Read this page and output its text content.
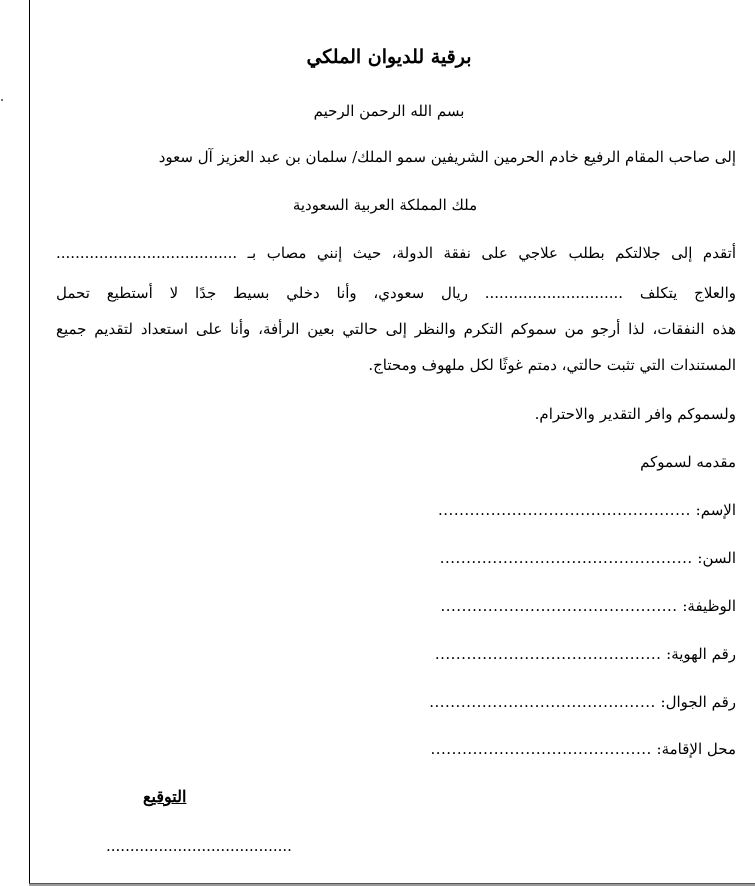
برقية للديوان الملكي
بسم الله الرحمن الرحيم
إلى صاحب المقام الرفيع خادم الحرمين الشريفين سمو الملك/ سلمان بن عبد العزيز آل سعود
ملك المملكة العربية السعودية
أتقدم إلى جلالتكم بطلب علاجي على نفقة الدولة، حيث إنني مصاب بـ ......................................
والعلاج يتكلف ............................. ريال سعودي، وأنا دخلي بسيط جدًا لا أستطيع تحمل
هذه النفقات، لذا أرجو من سموكم التكرم والنظر إلى حالتي بعين الرأفة، وأنا على استعداد لتقديم جميع
المستندات التي تثبت حالتي، دمتم غوثًا لكل ملهوف ومحتاج.
ولسموكم وافر التقدير والاحترام.
مقدمه لسموكم
الإسم: ................................................
السن: ................................................
الوظيفة: .............................................
رقم الهوية: ...........................................
رقم الجوال: ...........................................
محل الإقامة: ..........................................
التوقيع
.......................................
